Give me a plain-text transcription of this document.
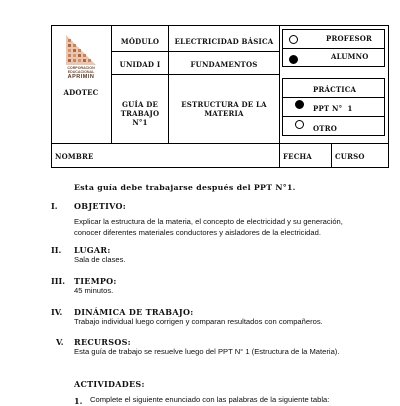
CORPORACION
EDUCACIONAL
APRIMIN
ADOTEC
MÓDULO
UNIDAD I
GUÍA DE
TRABAJO N°1
ELECTRICIDAD BÁSICA
FUNDAMENTOS
ESTRUCTURA DE LA
MATERIA
PROFESOR
ALUMNO
PRÁCTICA
PPT N°  1
OTRO
NOMBRE	FECHA	CURSO
Esta guía debe trabajarse después del PPT N°1.
I. OBJETIVO:
Explicar la estructura de la materia, el concepto de electricidad y su generación,
conocer diferentes materiales conductores y aisladores de la electricidad.
II. LUGAR:
Sala de clases.
III. TIEMPO:
45 minutos.
IV. DINÁMICA DE TRABAJO:
Trabajo individual luego corrigen y comparan resultados con compañeros.
V. RECURSOS:
Esta guía de trabajo se resuelve luego del PPT N° 1 (Estructura de la Materia).
ACTIVIDADES:
1. Complete el siguiente enunciado con las palabras de la siguiente tabla:
